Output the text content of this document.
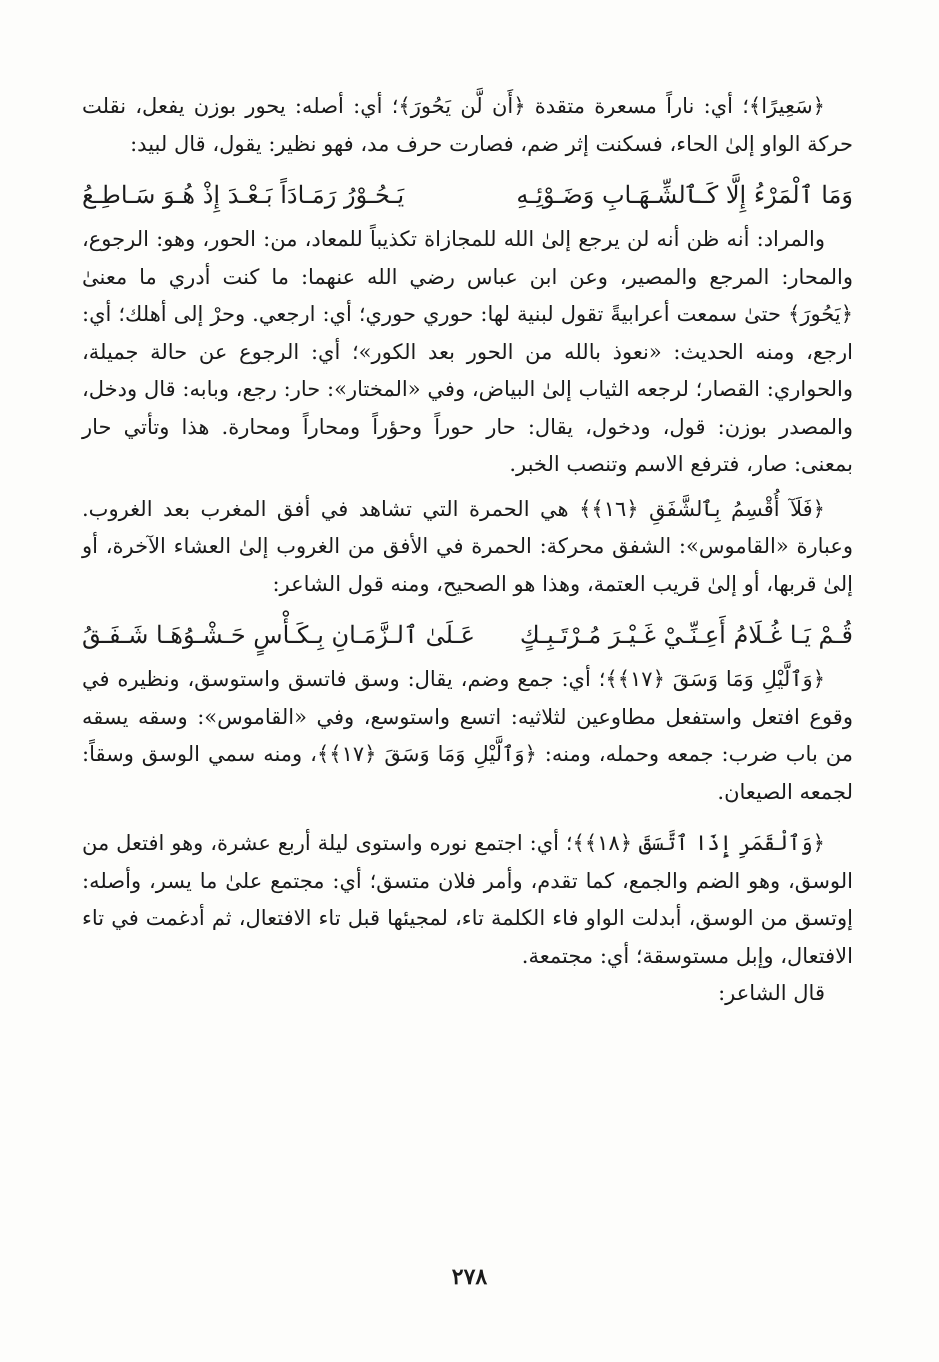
﴿سَعِيرًا﴾؛ أي: ناراً مسعرة متقدة ﴿أَن لَّن يَحُورَ﴾؛ أي: أصله: يحور بوزن يفعل، نقلت حركة الواو إلىٰ الحاء، فسكنت إثر ضم، فصارت حرف مد، فهو نظير: يقول، قال لبيد:

وَمَا ٱلْمَرْءُ إِلَّا كَـٱلشِّـهَـابِ وَضَـوْئِـهِ
يَـحُـوْرُ رَمَـادَاً بَـعْـدَ إِذْ هُـوَ سَـاطِـعُ

والمراد: أنه ظن أنه لن يرجع إلىٰ الله للمجازاة تكذيباً للمعاد، من: الحور، وهو: الرجوع، والمحار: المرجع والمصير، وعن ابن عباس رضي الله عنهما: ما كنت أدري ما معنىٰ ﴿يَحُورَ﴾ حتىٰ سمعت أعرابيةً تقول لبنية لها: حوري حوري؛ أي: ارجعي. وحرْ إلى أهلك؛ أي: ارجع، ومنه الحديث: «نعوذ بالله من الحور بعد الكور»؛ أي: الرجوع عن حالة جميلة، والحواري: القصار؛ لرجعه الثياب إلىٰ البياض، وفي «المختار»: حار: رجع، وبابه: قال ودخل، والمصدر بوزن: قول، ودخول، يقال: حار حوراً وحؤراً ومحاراً ومحارة. هذا وتأتي حار بمعنى: صار، فترفع الاسم وتنصب الخبر.

﴿فَلَآ أُقْسِمُ بِٱلشَّفَقِ ﴿١٦﴾﴾ هي الحمرة التي تشاهد في أفق المغرب بعد الغروب. وعبارة «القاموس»: الشفق محركة: الحمرة في الأفق من الغروب إلىٰ العشاء الآخرة، أو إلىٰ قربها، أو إلىٰ قريب العتمة، وهذا هو الصحيح، ومنه قول الشاعر:

قُـمْ يَـا غُـلَامُ أَعِـنِّـيْ غَـيْـرَ مُـرْتَـبِـكٍ
عَـلَىٰ ٱلـزَّمَـانِ بِـكَـأْسٍ حَـشْـوُهَـا شَـفَـقُ

﴿وَٱلَّيْلِ وَمَا وَسَقَ ﴿١٧﴾﴾؛ أي: جمع وضم، يقال: وسق فاتسق واستوسق، ونظيره في وقوع افتعل واستفعل مطاوعين لثلاثيه: اتسع واستوسع، وفي «القاموس»: وسقه يسقه من باب ضرب: جمعه وحمله، ومنه: ﴿وَٱلَّيْلِ وَمَا وَسَقَ ﴿١٧﴾﴾، ومنه سمي الوسق وسقاً: لجمعه الصيعان.

﴿وَٱلْقَمَرِ إِذَا ٱتَّسَقَ ﴿١٨﴾﴾؛ أي: اجتمع نوره واستوى ليلة أربع عشرة، وهو افتعل من الوسق، وهو الضم والجمع، كما تقدم، وأمر فلان متسق؛ أي: مجتمع علىٰ ما يسر، وأصله: إوتسق من الوسق، أبدلت الواو فاء الكلمة تاء، لمجيئها قبل تاء الافتعال، ثم أدغمت في تاء الافتعال، وإبل مستوسقة؛ أي: مجتمعة.

قال الشاعر:

٢٧٨
